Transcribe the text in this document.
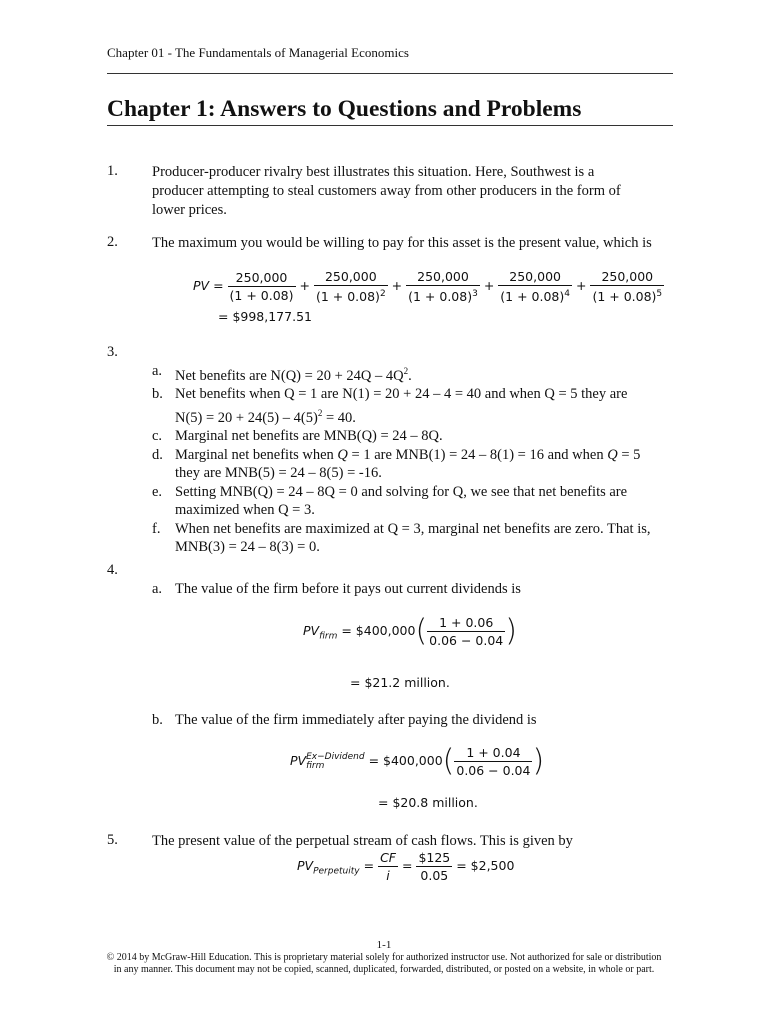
Chapter 01 - The Fundamentals of Managerial Economics
Chapter 1: Answers to Questions and Problems
1. Producer-producer rivalry best illustrates this situation. Here, Southwest is a
producer attempting to steal customers away from other producers in the form of
lower prices.
2. The maximum you would be willing to pay for this asset is the present value, which is
PV = $\frac{250,000}{(1 + 0.08)} + \frac{250,000}{(1 + 0.08)^2} + \frac{250,000}{(1 + 0.08)^3} + \frac{250,000}{(1 + 0.08)^4} + \frac{250,000}{(1 + 0.08)^5}$
= $998,177.51
3.
a. Net benefits are $N(Q) = 20 + 24Q - 4Q^2$.
b. Net benefits when Q = 1 are N(1) = 20 + 24 – 4 = 40 and when Q = 5 they are
$N(5) = 20 + 24(5) - 4(5)^2 = 40$.
c. Marginal net benefits are MNB(Q) = 24 – 8Q.
d. Marginal net benefits when Q = 1 are MNB(1) = 24 – 8(1) = 16 and when Q = 5
they are MNB(5) = 24 – 8(5) = -16.
e. Setting MNB(Q) = 24 – 8Q = 0 and solving for Q, we see that net benefits are
maximized when Q = 3.
f.	When net benefits are maximized at Q = 3, marginal net benefits are zero. That is,
MNB(3) = 24 – 8(3) = 0.
4.
a. The value of the firm before it pays out current dividends is
$PV_{firm}$ = $400,000( $\frac{1 + 0.06}{0.06 - 0.04}$ )
= $21.2 million.
b. The value of the firm immediately after paying the dividend is
PV Ex−Dividend
firm	= $400,000( $\frac{1 + 0.04}{0.06 - 0.04}$ )
= $20.8 million.
5. The present value of the perpetual stream of cash flows. This is given by
$PV_{Perpetuity} = \frac{CF}{i} = \frac{\$125}{0.05}$ = $2,500
1-1
© 2014 by McGraw-Hill Education. This is proprietary material solely for authorized instructor use. Not authorized for sale or distribution
in any manner. This document may not be copied, scanned, duplicated, forwarded, distributed, or posted on a website, in whole or part.
